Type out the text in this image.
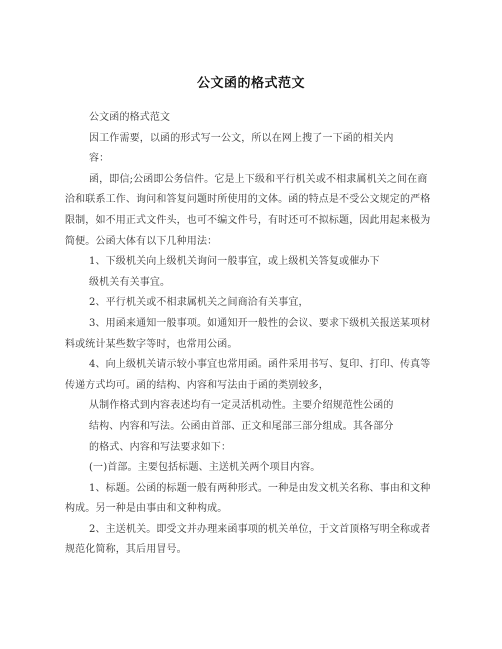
公文函的格式范文
公文函的格式范文
因工作需要，以函的形式写一公文，所以在网上搜了一下函的相关内
容：
函，即信;公函即公务信件。它是上下级和平行机关或不相隶属机关之间在商
洽和联系工作、询问和答复问题时所使用的文体。函的特点是不受公文规定的严格
限制，如不用正式文件头，也可不编文件号，有时还可不拟标题，因此用起来极为
简便。公函大体有以下几种用法：
1、下级机关向上级机关询问一般事宜，或上级机关答复或催办下
级机关有关事宜。
2、平行机关或不相隶属机关之间商洽有关事宜，
3、用函来通知一般事项。如通知开一般性的会议、要求下级机关报送某项材
料或统计某些数字等时，也常用公函。
4、向上级机关请示较小事宜也常用函。函件采用书写、复印、打印、传真等
传递方式均可。函的结构、内容和写法由于函的类别较多，
从制作格式到内容表述均有一定灵活机动性。主要介绍规范性公函的
结构、内容和写法。公函由首部、正文和尾部三部分组成。其各部分
的格式、内容和写法要求如下：
(一)首部。主要包括标题、主送机关两个项目内容。
1、标题。公函的标题一般有两种形式。一种是由发文机关名称、事由和文种
构成。另一种是由事由和文种构成。
2、主送机关。即受文并办理来函事项的机关单位，于文首顶格写明全称或者
规范化简称，其后用冒号。
